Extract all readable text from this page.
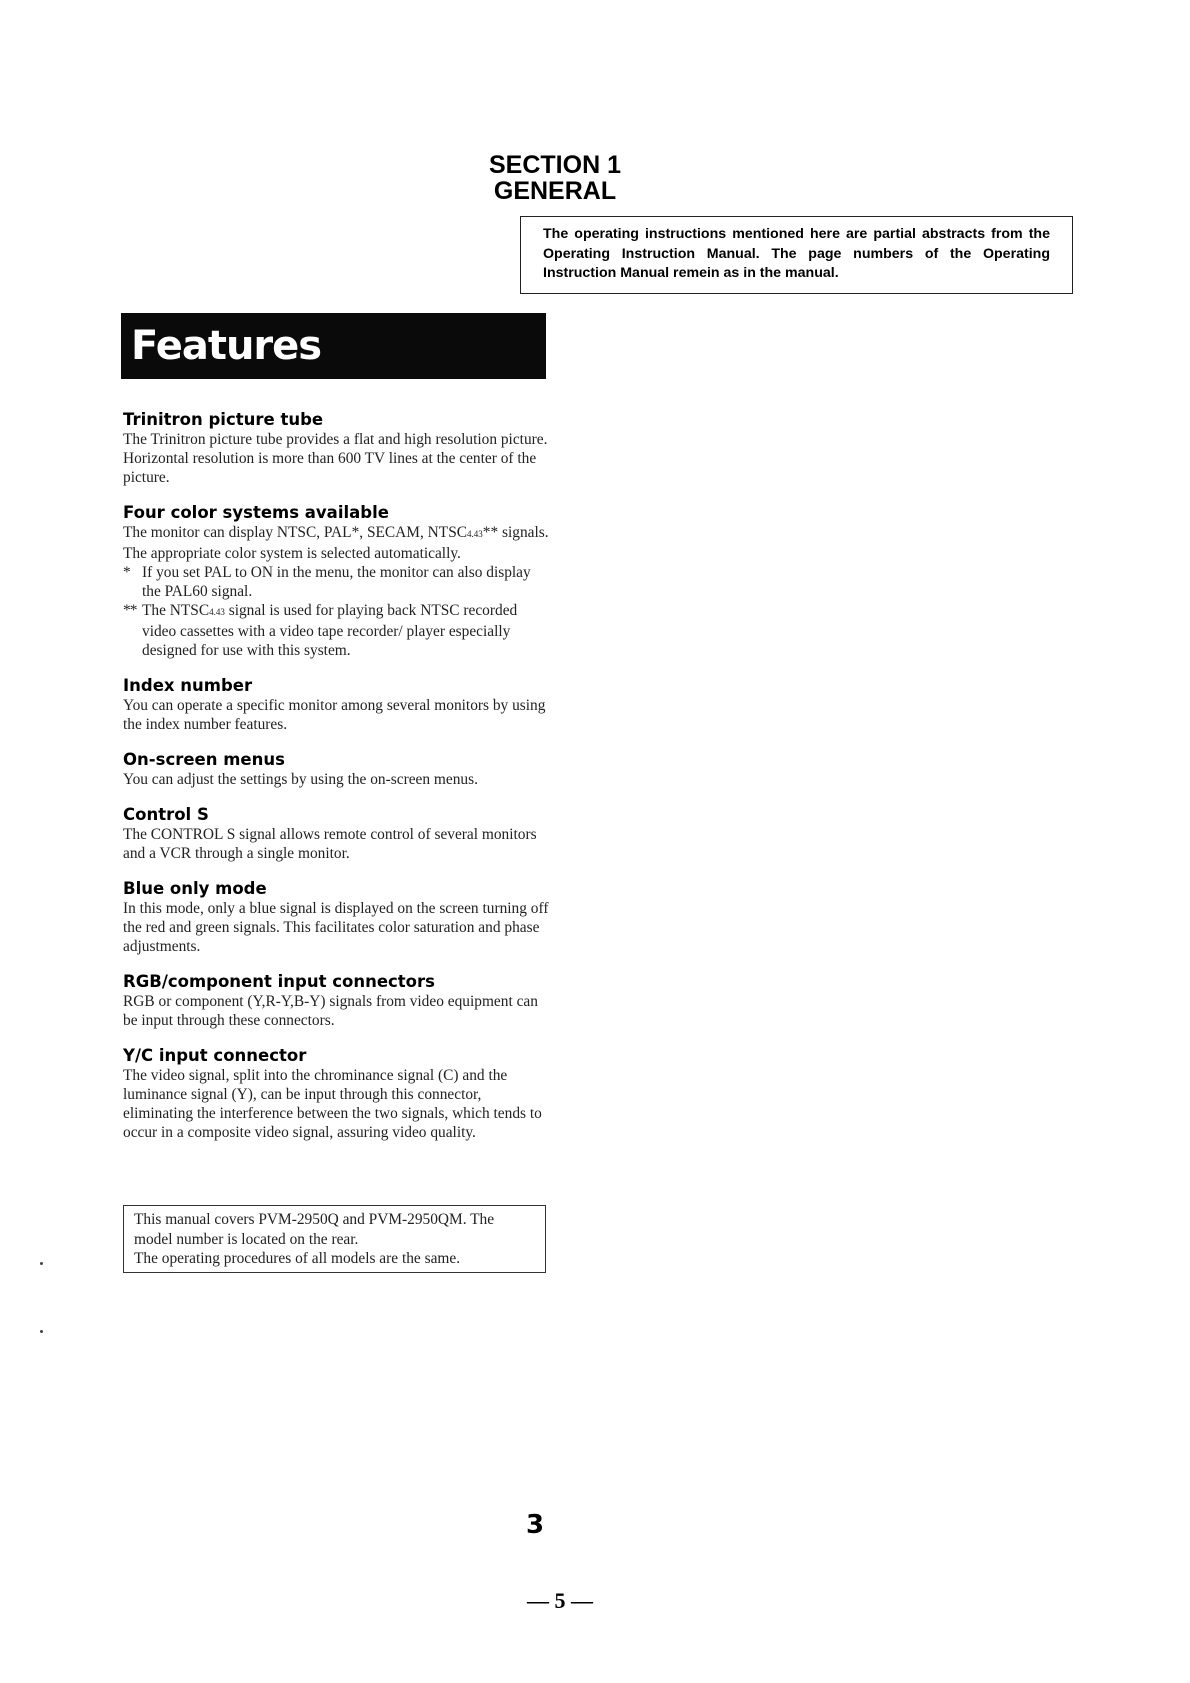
SECTION 1
GENERAL
The operating instructions mentioned here are partial abstracts from the Operating Instruction Manual. The page numbers of the Operating Instruction Manual remein as in the manual.
Features
Trinitron picture tube

The Trinitron picture tube provides a flat and high resolution picture. Horizontal resolution is more than 600 TV lines at the center of the picture.

Four color systems available

The monitor can display NTSC, PAL*, SECAM, NTSC4.43** signals. The appropriate color system is selected automatically.

* If you set PAL to ON in the menu, the monitor can also display the PAL60 signal.
** The NTSC4.43 signal is used for playing back NTSC recorded video cassettes with a video tape recorder/ player especially designed for use with this system.
Index number

You can operate a specific monitor among several monitors by using the index number features.

On-screen menus

You can adjust the settings by using the on-screen menus.

Control S

The CONTROL S signal allows remote control of several monitors and a VCR through a single monitor.

Blue only mode

In this mode, only a blue signal is displayed on the screen turning off the red and green signals. This facilitates color saturation and phase adjustments.

RGB/component input connectors

RGB or component (Y,R-Y,B-Y) signals from video equipment can be input through these connectors.

Y/C input connector

The video signal, split into the chrominance signal (C) and the luminance signal (Y), can be input through this connector, eliminating the interference between the two signals, which tends to occur in a composite video signal, assuring video quality.

This manual covers PVM-2950Q and PVM-2950QM. The model number is located on the rear.
The operating procedures of all models are the same.
3
— 5 —
